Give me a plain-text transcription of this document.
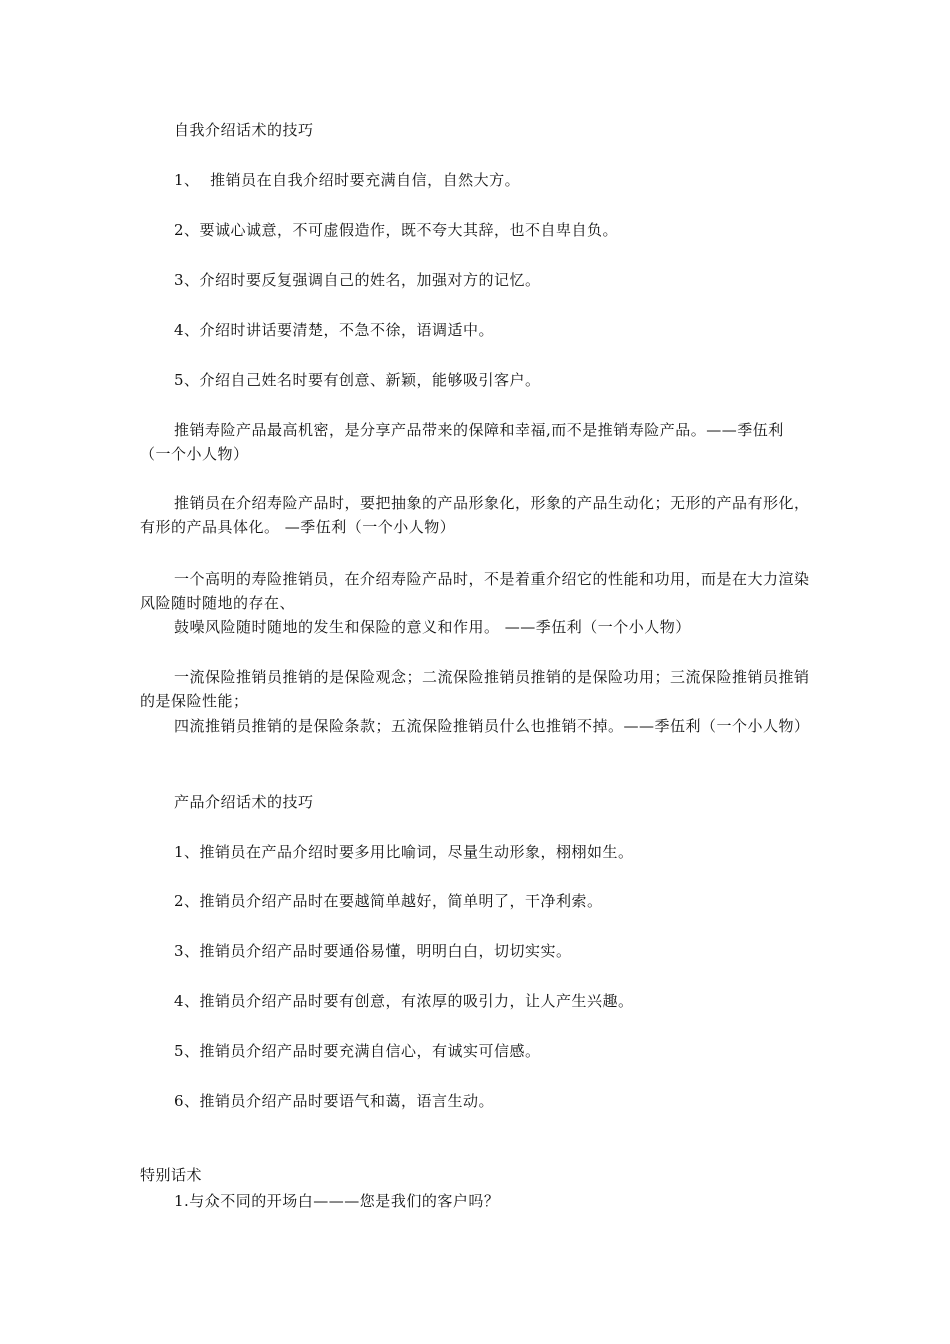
自我介绍话术的技巧

1、  推销员在自我介绍时要充满自信，自然大方。

2、要诚心诚意，不可虚假造作，既不夸大其辞，也不自卑自负。

3、介绍时要反复强调自己的姓名，加强对方的记忆。

4、介绍时讲话要清楚，不急不徐，语调适中。

5、介绍自己姓名时要有创意、新颖，能够吸引客户。

推销寿险产品最高机密，是分享产品带来的保障和幸福,而不是推销寿险产品。——季伍利（一个小人物）

推销员在介绍寿险产品时，要把抽象的产品形象化，形象的产品生动化；无形的产品有形化，有形的产品具体化。 —季伍利（一个小人物）

一个高明的寿险推销员，在介绍寿险产品时，不是着重介绍它的性能和功用，而是在大力渲染风险随时随地的存在、

鼓噪风险随时随地的发生和保险的意义和作用。 ——季伍利（一个小人物）

一流保险推销员推销的是保险观念；二流保险推销员推销的是保险功用；三流保险推销员推销的是保险性能；

四流推销员推销的是保险条款；五流保险推销员什么也推销不掉。——季伍利（一个小人物）

产品介绍话术的技巧

1、推销员在产品介绍时要多用比喻词，尽量生动形象，栩栩如生。

2、推销员介绍产品时在要越简单越好，简单明了，干净利索。

3、推销员介绍产品时要通俗易懂，明明白白，切切实实。

4、推销员介绍产品时要有创意，有浓厚的吸引力，让人产生兴趣。

5、推销员介绍产品时要充满自信心，有诚实可信感。

6、推销员介绍产品时要语气和蔼，语言生动。

特别话术

1.与众不同的开场白———您是我们的客户吗？
